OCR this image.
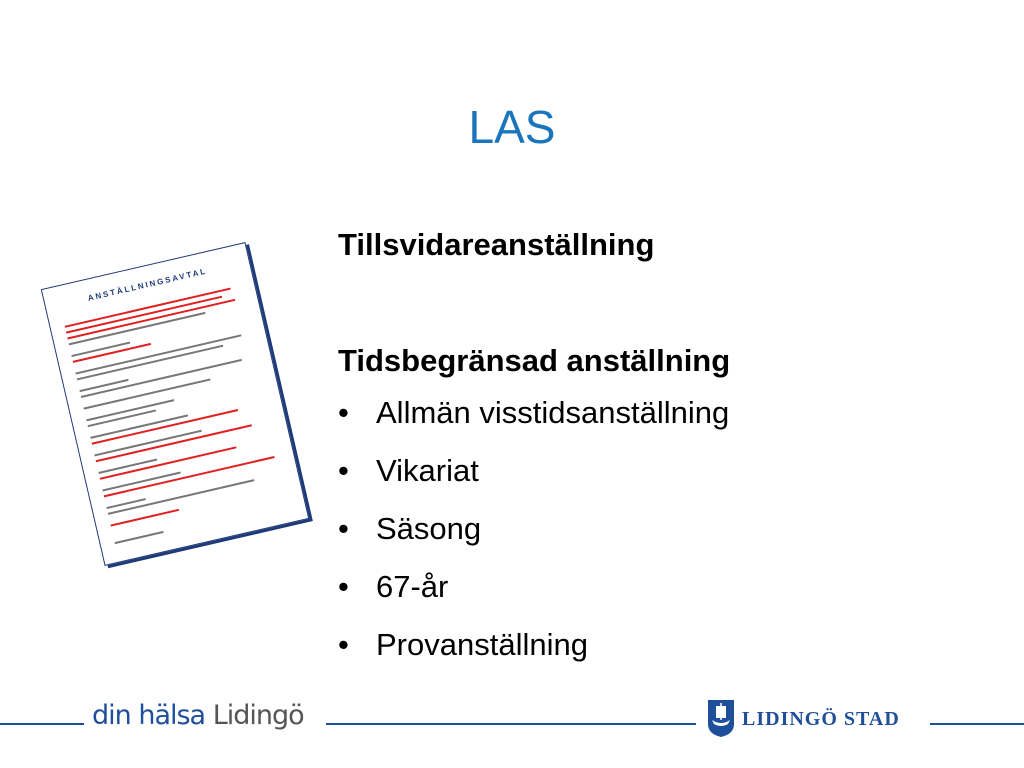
LAS
ANSTÄLLNINGSAVTAL
Tillsvidareanställning
Tidsbegränsad anställning
• Allmän visstidsanställning
• Vikariat
• Säsong
• 67-år
• Provanställning
din hälsa Lidingö	LIDINGÖ STAD
